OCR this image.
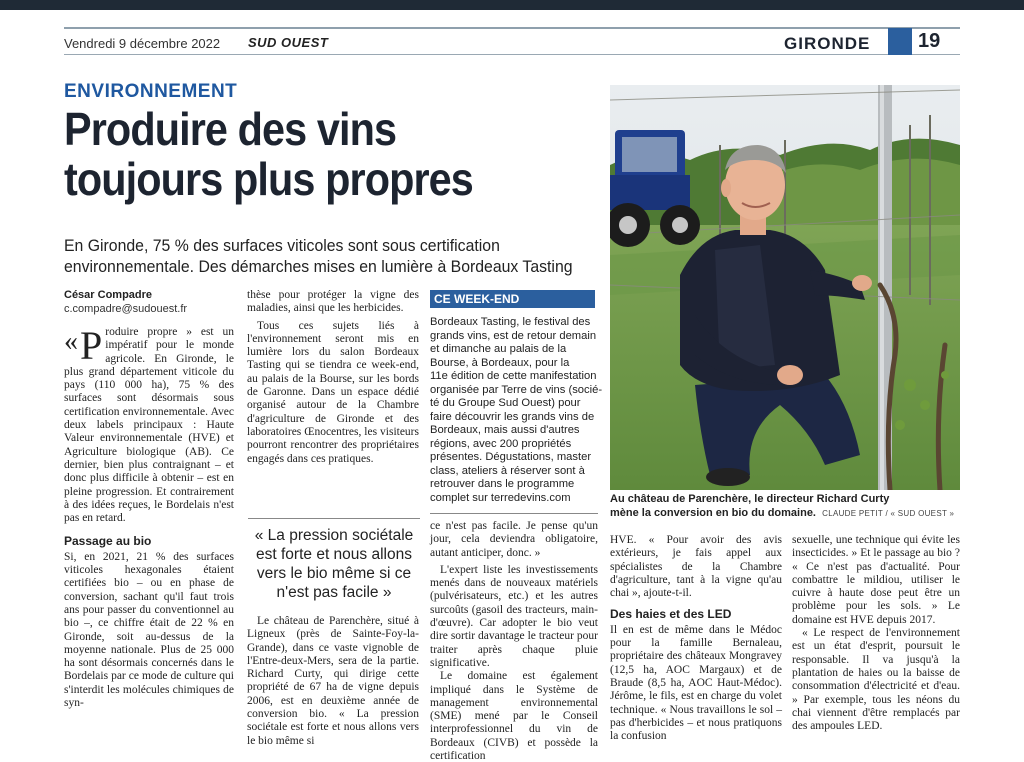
Vendredi 9 décembre 2022 SUD OUEST	GIRONDE 19
ENVIRONNEMENT
Produire des vins
toujours plus propres
En Gironde, 75 % des surfaces viticoles sont sous certification
environnementale. Des démarches mises en lumière à Bordeaux Tasting
César Compadre
c.compadre@sudouest.fr
« P roduire propre » est un impératif pour le monde agricole. En Gironde, le plus grand département viticole du pays (110 000 ha), 75 % des surfaces sont désormais sous certification environnementale. Avec deux labels principaux : Haute Valeur environnementale (HVE) et Agriculture biologique (AB). Ce dernier, bien plus contraignant – et donc plus difficile à obtenir – est en pleine progression. Et contrairement à des idées reçues, le Bordelais n'est pas en retard.
Passage au bio

Si, en 2021, 21 % des surfaces viticoles hexagonales étaient certifiées bio – ou en phase de conversion, sachant qu'il faut trois ans pour passer du conventionnel au bio –, ce chiffre était de 22 % en Gironde, soit au-dessus de la moyenne nationale. Plus de 25 000 ha sont désormais concernés dans le Bordelais par ce mode de culture qui s'interdit les molécules chimiques de syn-

thèse pour protéger la vigne des maladies, ainsi que les herbicides.

Tous ces sujets liés à l'environnement seront mis en lumière lors du salon Bordeaux Tasting qui se tiendra ce week-end, au palais de la Bourse, sur les bords de Garonne. Dans un espace dédié organisé autour de la Chambre d'agriculture de Gironde et des laboratoires Œnocentres, les visiteurs pourront rencontrer des propriétaires engagés dans ces pratiques.

« La pression sociétale est forte et nous allons vers le bio même si ce n'est pas facile »

Le château de Parenchère, situé à Ligneux (près de Sainte-Foy-la-Grande), dans ce vaste vignoble de l'Entre-deux-Mers, sera de la partie. Richard Curty, qui dirige cette propriété de 67 ha de vigne depuis 2006, est en deuxième année de conversion bio. « La pression sociétale est forte et nous allons vers le bio même si

CE WEEK-END
Bordeaux Tasting, le festival des
grands vins, est de retour demain
et dimanche au palais de la
Bourse, à Bordeaux, pour la
11e édition de cette manifestation
organisée par Terre de vins (socié-
té du Groupe Sud Ouest) pour
faire découvrir les grands vins de
Bordeaux, mais aussi d'autres
régions, avec 200 propriétés
présentes. Dégustations, master
class, ateliers à réserver sont à
retrouver dans le programme
complet sur terredevins.com

ce n'est pas facile. Je pense qu'un jour, cela deviendra obligatoire, autant anticiper, donc. »

L'expert liste les investissements menés dans de nouveaux matériels (pulvérisateurs, etc.) et les autres surcoûts (gasoil des tracteurs, main-d'œuvre). Car adopter le bio veut dire sortir davantage le tracteur pour traiter après chaque pluie significative.

Le domaine est également impliqué dans le Système de management environnemental (SME) mené par le Conseil interprofessionnel du vin de Bordeaux (CIVB) et possède la certification

Au château de Parenchère, le directeur Richard Curty
mène la conversion en bio du domaine. CLAUDE PETIT / « SUD OUEST »

HVE. « Pour avoir des avis extérieurs, je fais appel aux spécialistes de la Chambre d'agriculture, tant à la vigne qu'au chai », ajoute-t-il.

Des haies et des LED

Il en est de même dans le Médoc pour la famille Bernaleau, propriétaire des châteaux Mongravey (12,5 ha, AOC Margaux) et de Braude (8,5 ha, AOC Haut-Médoc). Jérôme, le fils, est en charge du volet technique. « Nous travaillons le sol – pas d'herbicides – et nous pratiquons la confusion

sexuelle, une technique qui évite les insecticides. » Et le passage au bio ? « Ce n'est pas d'actualité. Pour combattre le mildiou, utiliser le cuivre à haute dose peut être un problème pour les sols. » Le domaine est HVE depuis 2017.

« Le respect de l'environnement est un état d'esprit, poursuit le responsable. Il va jusqu'à la plantation de haies ou la baisse de consommation d'électricité et d'eau. » Par exemple, tous les néons du chai viennent d'être remplacés par des ampoules LED.
